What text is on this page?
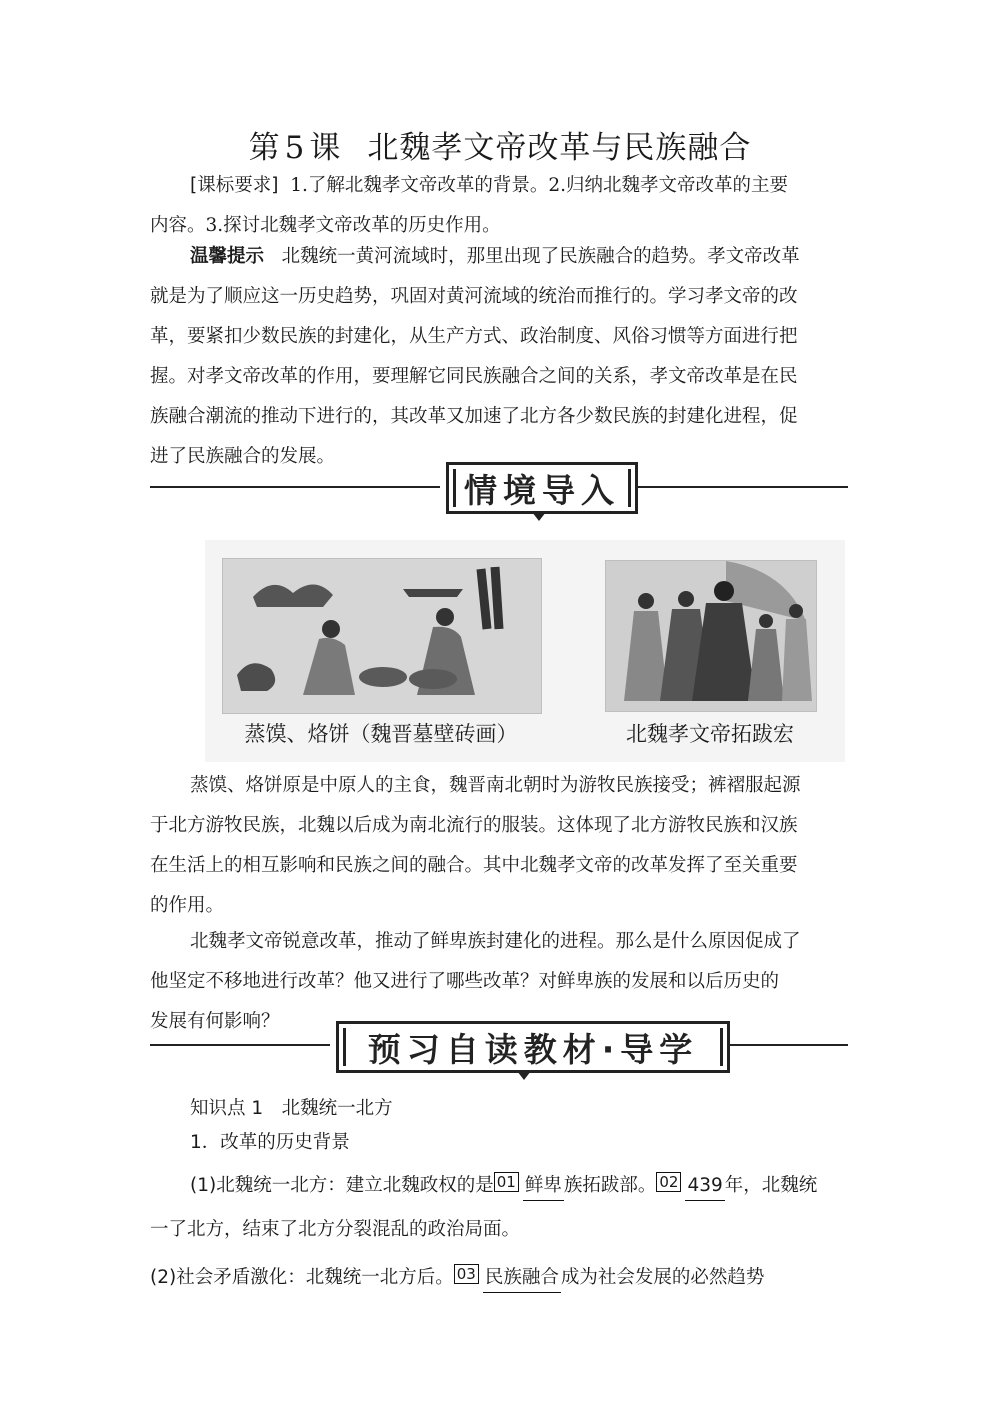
第 5 课 北魏孝文帝改革与民族融合
[课标要求] 1.了解北魏孝文帝改革的背景。2.归纳北魏孝文帝改革的主要
内容。3.探讨北魏孝文帝改革的历史作用。
温馨提示 北魏统一黄河流域时，那里出现了民族融合的趋势。孝文帝改革
就是为了顺应这一历史趋势，巩固对黄河流域的统治而推行的。学习孝文帝的改
革，要紧扣少数民族的封建化，从生产方式、政治制度、风俗习惯等方面进行把
握。对孝文帝改革的作用，要理解它同民族融合之间的关系，孝文帝改革是在民
族融合潮流的推动下进行的，其改革又加速了北方各少数民族的封建化进程，促
进了民族融合的发展。
情境导入
蒸馍、烙饼（魏晋墓壁砖画）	北魏孝文帝拓跋宏
蒸馍、烙饼原是中原人的主食，魏晋南北朝时为游牧民族接受；裤褶服起源
于北方游牧民族，北魏以后成为南北流行的服装。这体现了北方游牧民族和汉族
在生活上的相互影响和民族之间的融合。其中北魏孝文帝的改革发挥了至关重要
的作用。
北魏孝文帝锐意改革，推动了鲜卑族封建化的进程。那么是什么原因促成了
他坚定不移地进行改革？他又进行了哪些改革？对鲜卑族的发展和以后历史的
发展有何影响？
预习自读教材·导学
知识点 1　北魏统一北方
1．改革的历史背景
(1)北魏统一北方：建立北魏政权的是 01 鲜卑 族拓跋部。 02 439 年，北魏统
一了北方，结束了北方分裂混乱的政治局面。
(2)社会矛盾激化：北魏统一北方后。 03 民族融合 成为社会发展的必然趋势
